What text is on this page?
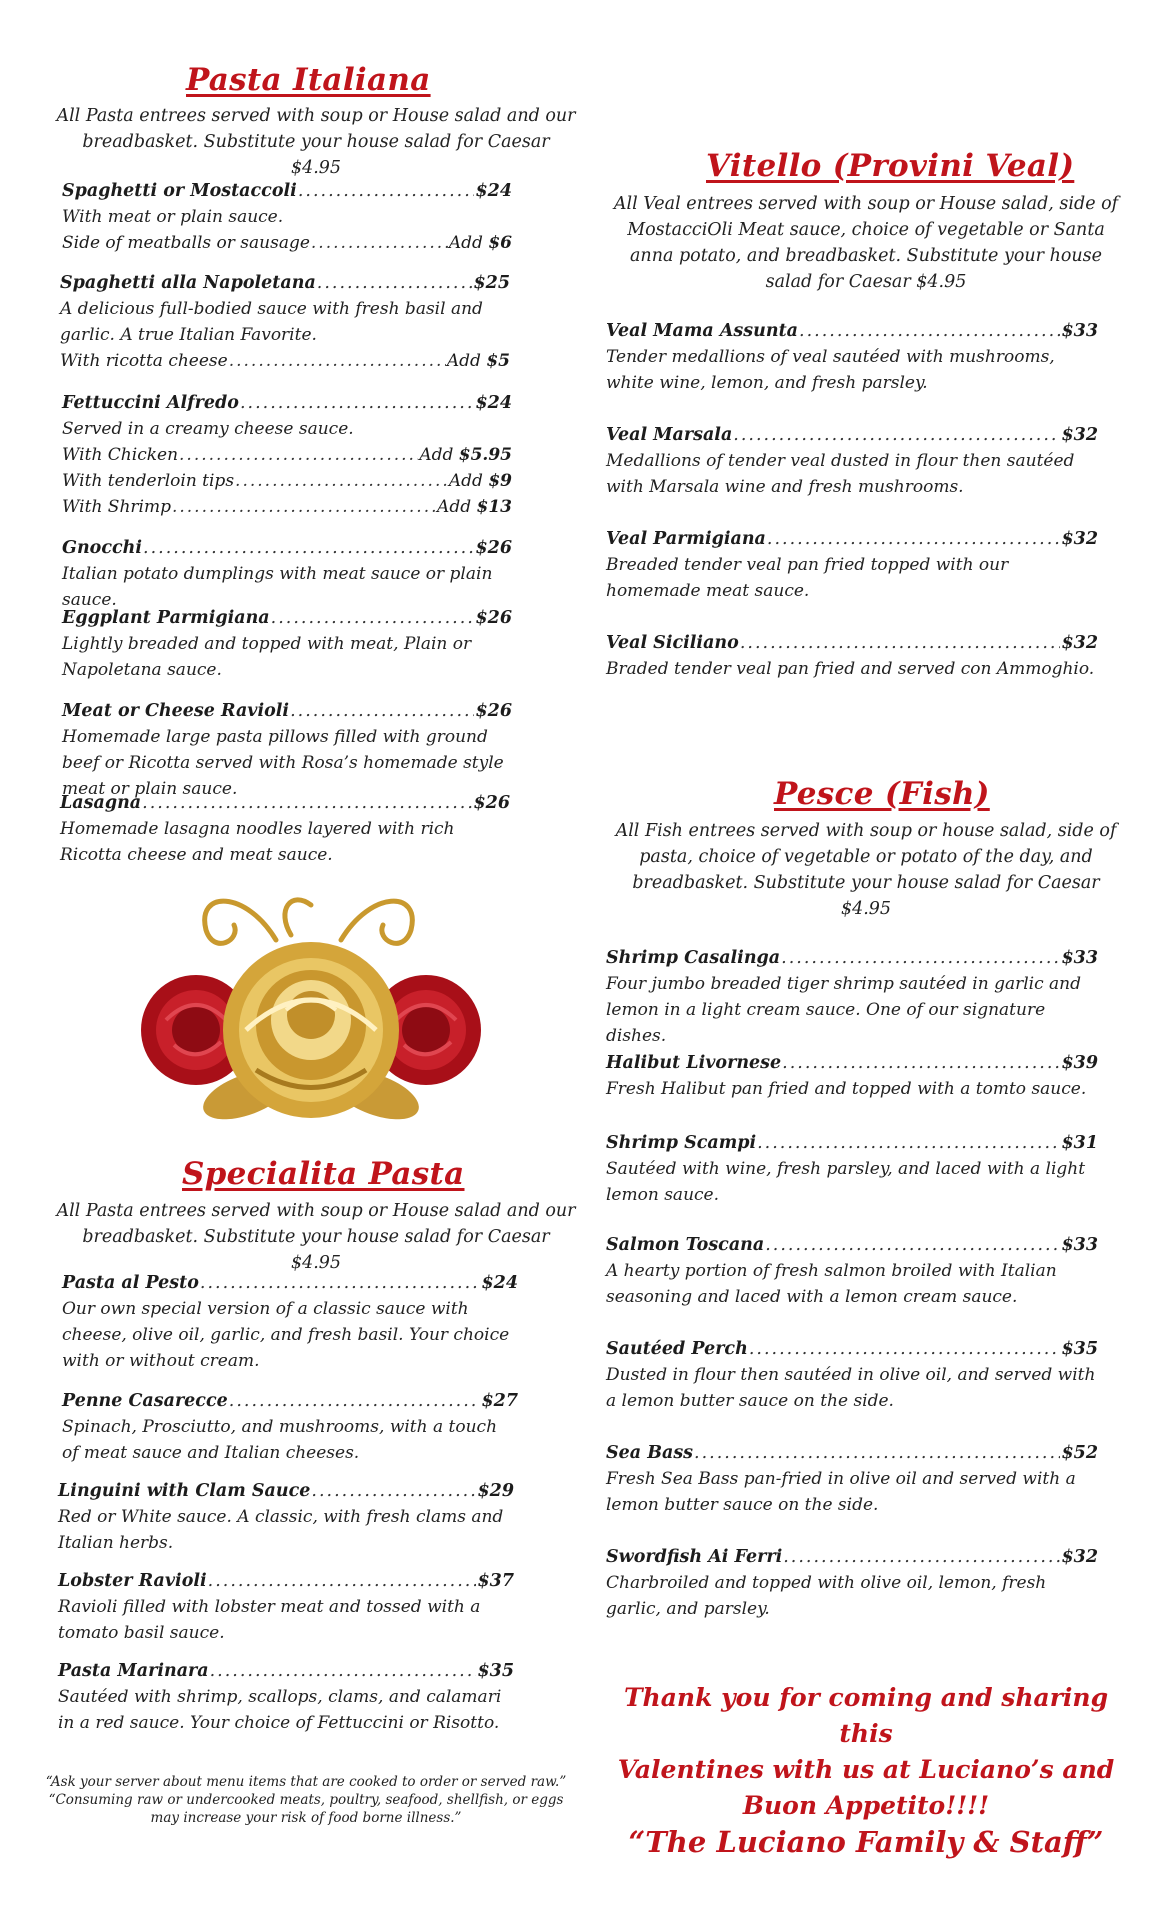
Pasta Italiana
All Pasta entrees served with soup or House salad and our breadbasket. Substitute your house salad for Caesar $4.95
Spaghetti or Mostaccoli .....	$24
With meat or plain sauce.
Side of meatballs or sausage .....	Add $6
Spaghetti alla Napoletana .....	$25
A delicious full-bodied sauce with fresh basil and garlic. A true Italian Favorite.
With ricotta cheese .....	Add $5
Fettuccini Alfredo .....	$24
Served in a creamy cheese sauce.
With Chicken .....	Add $5.95
With tenderloin tips .....	Add $9
With Shrimp .....	Add $13
Gnocchi .....	$26
Italian potato dumplings with meat sauce or plain sauce.
Eggplant Parmigiana .....	$26
Lightly breaded and topped with meat, Plain or Napoletana sauce.
Meat or Cheese Ravioli .....	$26
Homemade large pasta pillows filled with ground beef or Ricotta served with Rosa’s homemade style meat or plain sauce.
Lasagna .....	$26
Homemade lasagna noodles layered with rich Ricotta cheese and meat sauce.
Specialita Pasta
All Pasta entrees served with soup or House salad and our breadbasket. Substitute your house salad for Caesar $4.95
Pasta al Pesto .....	$24
Our own special version of a classic sauce with cheese, olive oil, garlic, and fresh basil. Your choice with or without cream.
Penne Casarecce .....	$27
Spinach, Prosciutto, and mushrooms, with a touch of meat sauce and Italian cheeses.
Linguini with Clam Sauce .....	$29
Red or White sauce. A classic, with fresh clams and Italian herbs.
Lobster Ravioli .....	$37
Ravioli filled with lobster meat and tossed with a tomato basil sauce.
Pasta Marinara .....	$35
Sautéed with shrimp, scallops, clams, and calamari in a red sauce. Your choice of Fettuccini or Risotto.
Vitello (Provini Veal)
All Veal entrees served with soup or House salad, side of MostacciOli Meat sauce, choice of vegetable or Santa anna potato, and breadbasket. Substitute your house salad for Caesar $4.95
Veal Mama Assunta .....	$33
Tender medallions of veal sautéed with mushrooms, white wine, lemon, and fresh parsley.
Veal Marsala .....	$32
Medallions of tender veal dusted in flour then sautéed with Marsala wine and fresh mushrooms.
Veal Parmigiana .....	$32
Breaded tender veal pan fried topped with our homemade meat sauce.
Veal Siciliano .....	$32
Braded tender veal pan fried and served con Ammoghio.
Pesce (Fish)
All Fish entrees served with soup or house salad, side of pasta, choice of vegetable or potato of the day, and breadbasket. Substitute your house salad for Caesar $4.95
Shrimp Casalinga .....	$33
Four jumbo breaded tiger shrimp sautéed in garlic and lemon in a light cream sauce. One of our signature dishes.
Halibut Livornese .....	$39
Fresh Halibut pan fried and topped with a tomto sauce.
Shrimp Scampi .....	$31
Sautéed with wine, fresh parsley, and laced with a light lemon sauce.
Salmon Toscana .....	$33
A hearty portion of fresh salmon broiled with Italian seasoning and laced with a lemon cream sauce.
Sautéed Perch .....	$35
Dusted in flour then sautéed in olive oil, and served with a lemon butter sauce on the side.
Sea Bass .....	$52
Fresh Sea Bass pan-fried in olive oil and served with a lemon butter sauce on the side.
Swordfish Ai Ferri .....	$32
Charbroiled and topped with olive oil, lemon, fresh garlic, and parsley.
“Ask your server about menu items that are cooked to order or served raw.”
“Consuming raw or undercooked meats, poultry, seafood, shellfish, or eggs may increase your risk of food borne illness.”
Thank you for coming and sharing this
Valentines with us at Luciano’s and
Buon Appetito!!!!
“The Luciano Family & Staff”
